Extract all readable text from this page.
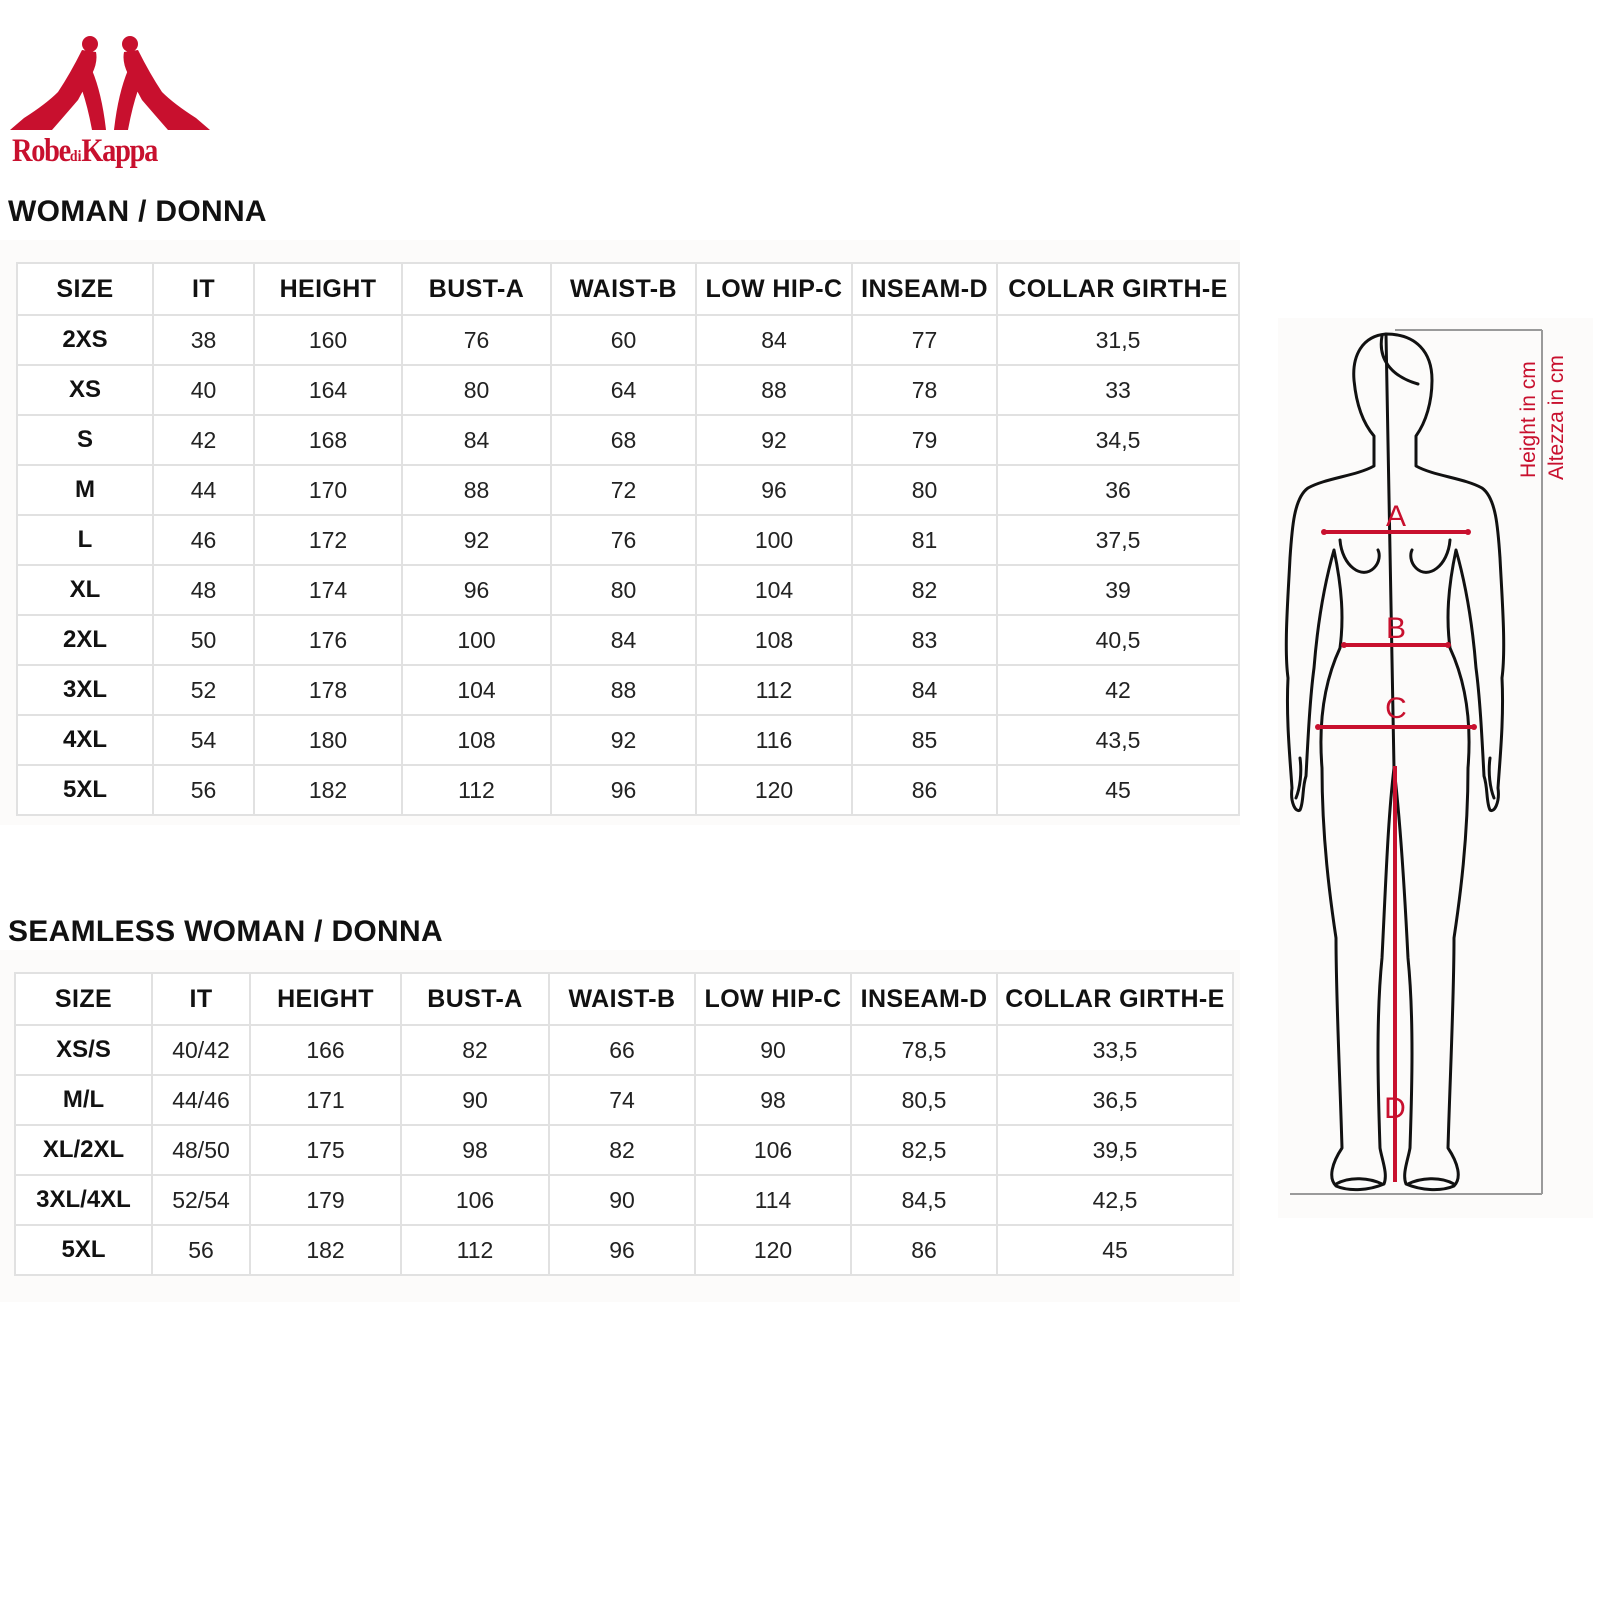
RobediKappa
WOMAN / DONNA
SIZE	IT	HEIGHT	BUST-A	WAIST-B	LOW HIP-C	INSEAM-D	COLLAR GIRTH-E
2XS	38	160	76	60	84	77	31,5
XS	40	164	80	64	88	78	33
S	42	168	84	68	92	79	34,5
M	44	170	88	72	96	80	36
L	46	172	92	76	100	81	37,5
XL	48	174	96	80	104	82	39
2XL	50	176	100	84	108	83	40,5
3XL	52	178	104	88	112	84	42
4XL	54	180	108	92	116	85	43,5
5XL	56	182	112	96	120	86	45
SEAMLESS WOMAN / DONNA
SIZE	IT	HEIGHT	BUST-A	WAIST-B	LOW HIP-C	INSEAM-D	COLLAR GIRTH-E
XS/S	40/42	166	82	66	90	78,5	33,5
M/L	44/46	171	90	74	98	80,5	36,5
XL/2XL	48/50	175	98	82	106	82,5	39,5
3XL/4XL	52/54	179	106	90	114	84,5	42,5
5XL	56	182	112	96	120	86	45
A
B
C
D
Height in cm Altezza in cm
